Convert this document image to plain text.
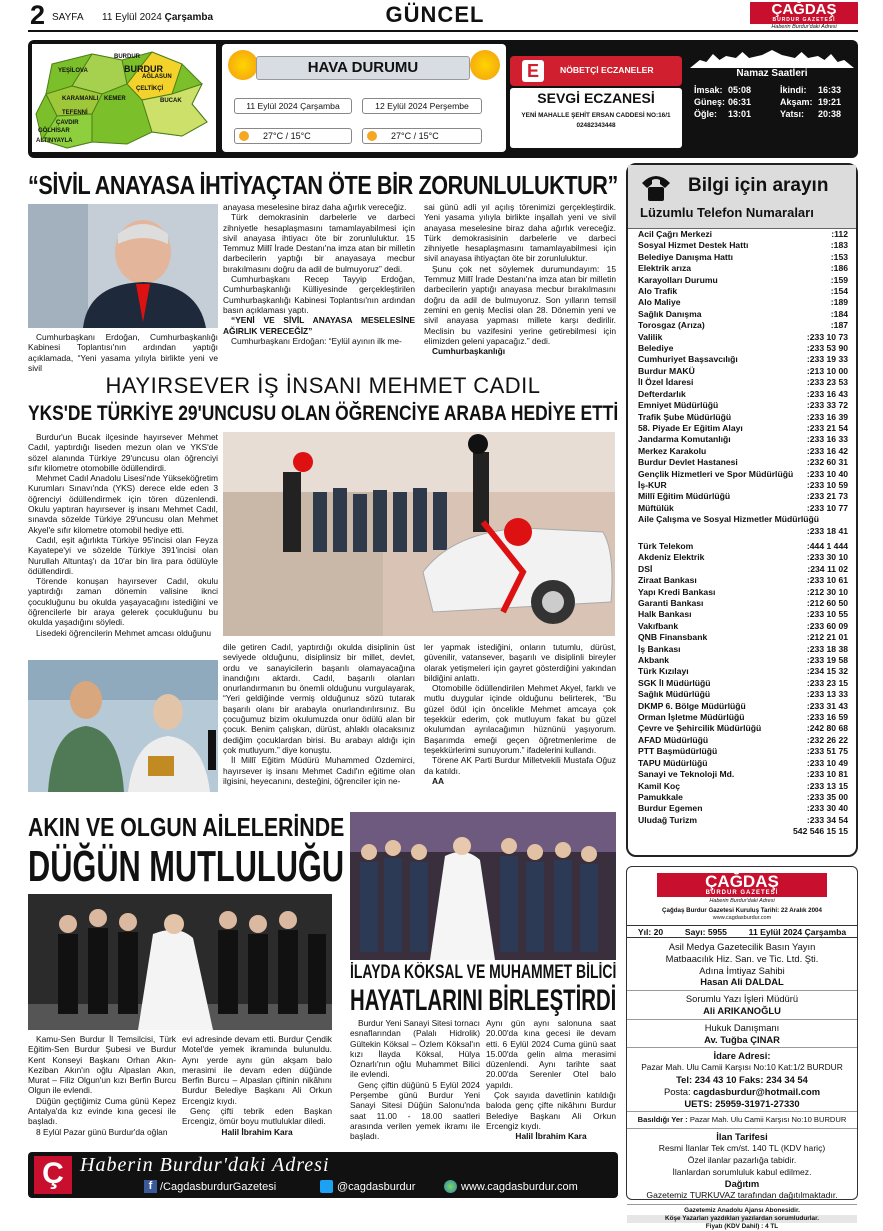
2 SAYFA 11 Eylül 2024 Çarşamba	GÜNCEL	ÇAĞDAŞ
BURDUR GAZETESİ
Haberin Burdur'daki Adresi
BURDUR
BURDUR
YEŞİLOVA
AĞLASUN
ÇELTİKÇİ
KARAMANLI KEMER	BUCAK
TEFENNİ
ÇAVDIR
GÖLHİSAR
ALTINYAYLA
HAVA DURUMU
11 Eylül 2024 Çarşamba	12 Eylül 2024 Perşembe
27°C / 15°C	27°C / 15°C
E	NÖBETÇİ ECZANELER
SEVGİ ECZANESİ
YENİ MAHALLE ŞEHİT ERSAN CADDESİ NO:16/1
02482343448
Namaz Saatleri
İmsak: 05:08
Güneş: 06:31
Öğle: 13:01
İkindi: 16:33
Akşam: 19:21
Yatsı: 20:38
“SİVİL ANAYASA İHTİYAÇTAN ÖTE BİR ZORUNLULUKTUR”

Cumhurbaşkanı Erdoğan, Cumhurbaşkanlığı Kabinesi Toplantısı'nın ardından yaptığı açıklamada, “Yeni yasama yılıyla birlikte yeni ve sivil

anayasa meselesine biraz daha ağırlık vereceğiz.

Türk demokrasinin darbelerle ve darbeci zihniyetle hesaplaşmasını tamamlayabilmesi için sivil anayasa ihtiyacı öte bir zorunluluktur. 15 Temmuz Millî İrade Destanı'na imza atan bir milletin darbecilerin yaptığı bir anayasaya mecbur bırakılmasını doğru da adil de bulmuyoruz” dedi.

Cumhurbaşkanı Recep Tayyip Erdoğan, Cumhurbaşkanlığı Külliyesinde gerçekleştirilen Cumhurbaşkanlığı Kabinesi Toplantısı'nın ardından basın açıklaması yaptı.

“YENİ VE SİVİL ANAYASA MESELESİNE AĞIRLIK VERECEĞİZ”

Cumhurbaşkanı Erdoğan: “Eylül ayının ilk me-

sai günü adli yıl açılış törenimizi gerçekleştirdik. Yeni yasama yılıyla birlikte inşallah yeni ve sivil anayasa meselesine biraz daha ağırlık vereceğiz. Türk demokrasisinin darbelerle ve darbeci zihniyetle hesaplaşmasını tamamlayabilmesi için sivil anayasa ihtiyaçtan öte bir zorunluluktur.

Şunu çok net söylemek durumundayım: 15 Temmuz Millî İrade Destanı'na imza atan bir milletin darbecilerin yaptığı anayasa mecbur bırakılmasını doğru da adil de bulmuyoruz. Son yılların temsil zemini en geniş Meclisi olan 28. Dönemin yeni ve sivil anayasa yapması millete karşı dedirilir. Meclisin bu vazifesini yerine getirebilmesi için elimizden geleni yapacağız.” dedi.

Cumhurbaşkanlığı

HAYIRSEVER İŞ İNSANI MEHMET CADIL
YKS'DE TÜRKİYE 29'UNCUSU OLAN ÖĞRENCİYE ARABA HEDİYE ETTİ

Burdur'un Bucak ilçesinde hayırsever Mehmet Cadıl, yaptırdığı liseden mezun olan ve YKS'de sözel alanında Türkiye 29'uncusu olan öğrenciyi sıfır kilometre otomobille ödüllendirdi.

Mehmet Cadıl Anadolu Lisesi'nde Yükseköğretim Kurumları Sınavı'nda (YKS) derece elde eden 3 öğrenciyi ödüllendirmek için tören düzenlendi. Okulu yaptıran hayırsever iş insanı Mehmet Cadıl, sınavda sözelde Türkiye 29'uncusu olan Mehmet Akyel'e sıfır kilometre otomobil hediye etti.

Cadıl, eşit ağırlıkta Türkiye 95'incisi olan Feyza Kayatepe'yi ve sözelde Türkiye 391'incisi olan Nurullah Altuntaş'ı da 10'ar bin lira para ödülüyle ödüllendirdi.

Törende konuşan hayırsever Cadıl, okulu yaptırdığı zaman dönemin valisine iknci çocukluğunu bu okulda yaşayacağını istediğini ve öğrencilerle bir araya gelerek çocukluğunu bu okulda yaşadığını söyledi.

Lisedeki öğrencilerin Mehmet amcası olduğunu

dile getiren Cadıl, yaptırdığı okulda disiplinin üst seviyede olduğunu, disiplinsiz bir millet, devlet, ordu ve sanayicilerin başarılı olamayacağına inandığını aktardı. Cadıl, başarılı olanları onurlandırmanın bu önemli olduğunu vurgulayarak, “Yeri geldiğinde vermiş olduğunuz sözü tutarak başarılı olanı bir arabayla onurlandırılırsınız. Bu çocuğumuz bizim okulumuzda onur ödülü alan bir çocuk. Benim çalışkan, dürüst, ahlaklı olacaksınız dediğim çocuklardan birisi. Bu arabayı aldığı için çok mutluyum.” diye konuştu.

İl Millî Eğitim Müdürü Muhammed Özdemirci, hayırsever iş insanı Mehmet Cadıl'ın eğitime olan ilgisini, heyecanını, desteğini, öğrenciler için ne-

ler yapmak istediğini, onların tutumlu, dürüst, güvenilir, vatansever, başarılı ve disiplinli bireyler olarak yetişmeleri için gayret gösterdiğini yakından bildiğini anlattı.

Otomobille ödüllendirilen Mehmet Akyel, farklı ve mutlu duygular içinde olduğunu belirterek, “Bu güzel ödül için öncelikle Mehmet amcaya çok teşekkür ederim, çok mutluyum fakat bu güzel okulumdan ayrılacağımın hüznünü yaşıyorum. Başarımda emeği geçen öğretmenlerime de teşekkürlerimi sunuyorum.” ifadelerini kullandı.

Törene AK Parti Burdur Milletvekili Mustafa Oğuz da katıldı.

AA

AKIN VE OLGUN AİLELERİNDE
DÜĞÜN MUTLULUĞU

Kamu-Sen Burdur İl Temsilcisi, Türk Eğitim-Sen Burdur Şubesi ve Burdur Kent Konseyi Başkanı Orhan Akın-Keziban Akın'ın oğlu Alpaslan Akın, Murat – Filiz Olgun'un kızı Berfin Burcu Olgun ile evlendi.

Düğün geçtiğimiz Cuma günü Kepez Antalya'da kız evinde kına gecesi ile başladı.

8 Eylül Pazar günü Burdur'da oğlan

evi adresinde devam etti. Burdur Çendik Motel'de yemek ikramında bulunuldu. Aynı yerde aynı gün akşam balo merasimi ile devam eden düğünde Berfin Burcu – Alpaslan çiftinin nikâhını Burdur Belediye Başkanı Ali Orkun Ercengiz kıydı.

Genç çifti tebrik eden Başkan Ercengiz, ömür boyu mutluluklar diledi.

Halil İbrahim Kara

İLAYDA KÖKSAL VE MUHAMMET BİLİCİ
HAYATLARINI BİRLEŞTİRDİ

Burdur Yeni Sanayi Sitesi tornacı esnaflarından (Palalı Hidrolik) Gültekin Köksal – Özlem Köksal'ın kızı İlayda Köksal, Hülya Öznarlı'nın oğlu Muhammet Bilici ile evlendi.

Genç çiftin düğünü 5 Eylül 2024 Perşembe günü Burdur Yeni Sanayi Sitesi Düğün Salonu'nda saat 11.00 - 18.00 saatleri arasında verilen yemek ikramı ile başladı.

Aynı gün aynı salonuna saat 20.00'da kına gecesi ile devam etti. 6 Eylül 2024 Cuma günü saat 15.00'da gelin alma merasimi düzenlendi. Aynı tarihte saat 20.00'da Serenler Otel balo yapıldı.

Çok sayıda davetlinin katıldığı baloda genç çifte nikâhını Burdur Belediye Başkanı Ali Orkun Ercengiz kıydı.

Halil İbrahim Kara

Bilgi için arayın
Lüzumlu Telefon Numaraları
Acil Çağrı Merkezi	:112
Sosyal Hizmet Destek Hattı	:183
Belediye Danışma Hattı	:153
Elektrik arıza	:186
Karayolları Durumu	:159
Alo Trafik	:154
Alo Maliye	:189
Sağlık Danışma	:184
Torosgaz (Arıza)	:187
Valilik	:233 10 73
Belediye	:233 53 90
Cumhuriyet Başsavcılığı	:233 19 33
Burdur MAKÜ	:213 10 00
İl Özel İdaresi	:233 23 53
Defterdarlık	:233 16 43
Emniyet Müdürlüğü	:233 33 72
Trafik Şube Müdürlüğü	:233 16 39
58. Piyade Er Eğitim Alayı	:233 21 54
Jandarma Komutanlığı	:233 16 33
Merkez Karakolu	:233 16 42
Burdur Devlet Hastanesi	:232 60 31
Gençlik Hizmetleri ve Spor Müdürlüğü :233 10 40
İş-KUR	:233 10 59
Millî Eğitim Müdürlüğü	:233 21 73
Müftülük	:233 10 77
Aile Çalışma ve Sosyal Hizmetler Müdürlüğü
:233 18 41
Türk Telekom	:444 1 444
Akdeniz Elektrik	:233 30 10
DSİ	:234 11 02
Ziraat Bankası	:233 10 61
Yapı Kredi Bankası	:212 30 10
Garanti Bankası	:212 60 50
Halk Bankası	:233 10 55
Vakıfbank	:233 60 09
QNB Finansbank	:212 21 01
İş Bankası	:233 18 38
Akbank	:233 19 58
Türk Kızılayı	:234 15 32
SGK İl Müdürlüğü	:233 23 15
Sağlık Müdürlüğü	:233 13 33
DKMP 6. Bölge Müdürlüğü	:233 31 43
Orman İşletme Müdürlüğü	:233 16 59
Çevre ve Şehircilik Müdürlüğü	:242 80 68
AFAD Müdürlüğü	:232 26 22
PTT Başmüdürlüğü	:233 51 75
TAPU Müdürlüğü	:233 10 49
Sanayi ve Teknoloji Md.	:233 10 81
Kamil Koç	:233 13 15
Pamukkale	:233 35 00
Burdur Egemen	:233 30 40
Uludağ Turizm	:233 34 54
542 546 15 15
ÇAĞDAŞ
BURDUR GAZETESİ
Haberin Burdur'daki Adresi
Çağdaş Burdur Gazetesi Kuruluş Tarihi: 22 Aralık 2004
www.cagdasburdur.com
Yıl: 20	Sayı: 5955	11 Eylül 2024 Çarşamba
Asil Medya Gazetecilik Basın Yayın
Matbaacılık Hiz. San. ve Tic. Ltd. Şti.
Adına İmtiyaz Sahibi
Hasan Ali DALDAL
Sorumlu Yazı İşleri Müdürü
Ali ARIKANOĞLU
Hukuk Danışmanı
Av. Tuğba ÇINAR
İdare Adresi:
Pazar Mah. Ulu Camii Karşısı No:10 Kat:1/2 BURDUR
Tel: 234 43 10 Faks: 234 34 54
Posta: cagdasburdur@hotmail.com
UETS: 25959-31971-27330
Basıldığı Yer : Pazar Mah. Ulu Camii Karşısı No:10 BURDUR
İlan Tarifesi
Resmi İlanlar Tek cm/st. 140 TL (KDV hariç)
Özel ilanlar pazarlığa tabidir.
İlanlardan sorumluluk kabul edilmez.
Dağıtım
Gazetemiz TURKUVAZ tarafından dağıtılmaktadır.
Gazetemiz Anadolu Ajansı Abonesidir.
Köşe Yazarları yazdıkları yazılardan sorumludurlar.
Fiyatı (KDV Dahil) : 4 TL
Ç Haberin Burdur'daki Adresi
f /CagdasburdurGazetesi	@cagdasburdur	www.cagdasburdur.com
